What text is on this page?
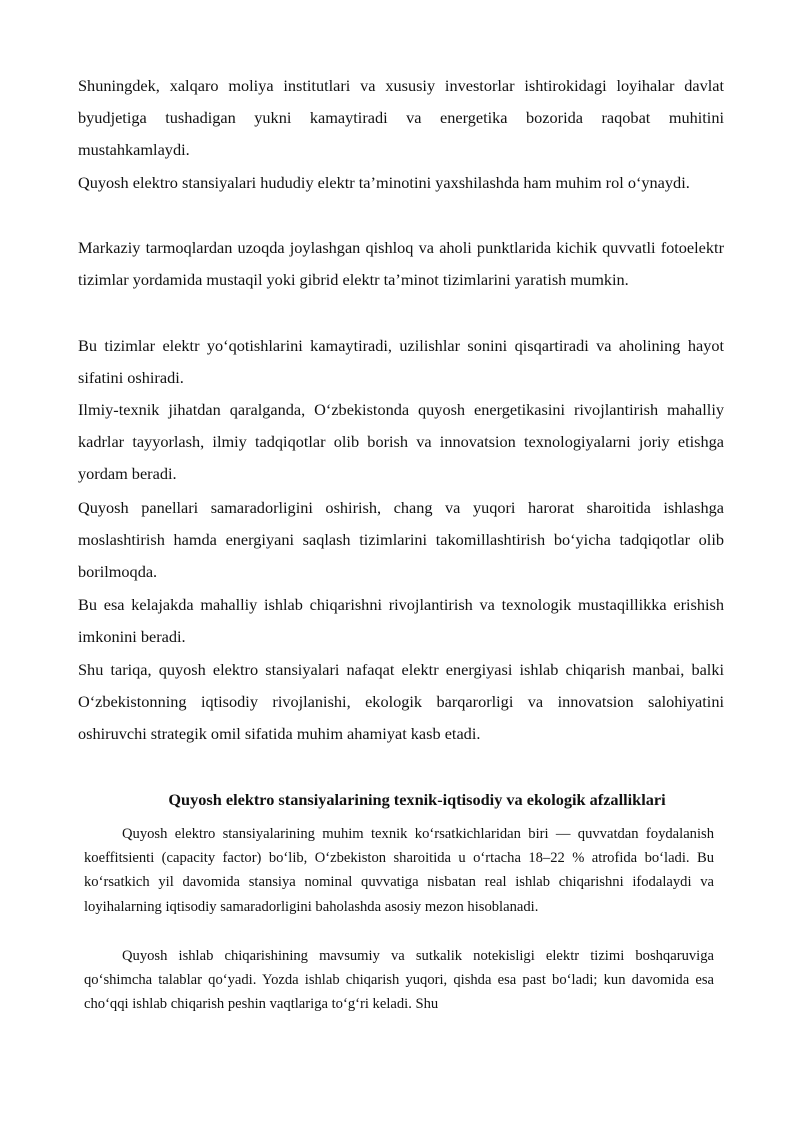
Shuningdek, xalqaro moliya institutlari va xususiy investorlar ishtirokidagi loyihalar davlat byudjetiga tushadigan yukni kamaytiradi va energetika bozorida raqobat muhitini mustahkamlaydi.

Quyosh elektro stansiyalari hududiy elektr ta’minotini yaxshilashda ham muhim rol o‘ynaydi.

Markaziy tarmoqlardan uzoqda joylashgan qishloq va aholi punktlarida kichik quvvatli fotoelektr tizimlar yordamida mustaqil yoki gibrid elektr ta’minot tizimlarini yaratish mumkin.

Bu tizimlar elektr yo‘qotishlarini kamaytiradi, uzilishlar sonini qisqartiradi va aholining hayot sifatini oshiradi.

Ilmiy-texnik jihatdan qaralganda, O‘zbekistonda quyosh energetikasini rivojlantirish mahalliy kadrlar tayyorlash, ilmiy tadqiqotlar olib borish va innovatsion texnologiyalarni joriy etishga yordam beradi.

Quyosh panellari samaradorligini oshirish, chang va yuqori harorat sharoitida ishlashga moslashtirish hamda energiyani saqlash tizimlarini takomillashtirish bo‘yicha tadqiqotlar olib borilmoqda.

Bu esa kelajakda mahalliy ishlab chiqarishni rivojlantirish va texnologik mustaqillikka erishish imkonini beradi.

Shu tariqa, quyosh elektro stansiyalari nafaqat elektr energiyasi ishlab chiqarish manbai, balki O‘zbekistonning iqtisodiy rivojlanishi, ekologik barqarorligi va innovatsion salohiyatini oshiruvchi strategik omil sifatida muhim ahamiyat kasb etadi.

Quyosh elektro stansiyalarining texnik-iqtisodiy va ekologik afzalliklari

Quyosh elektro stansiyalarining muhim texnik ko‘rsatkichlaridan biri — quvvatdan foydalanish koeffitsienti (capacity factor) bo‘lib, O‘zbekiston sharoitida u o‘rtacha 18–22 % atrofida bo‘ladi. Bu ko‘rsatkich yil davomida stansiya nominal quvvatiga nisbatan real ishlab chiqarishni ifodalaydi va loyihalarning iqtisodiy samaradorligini baholashda asosiy mezon hisoblanadi.

Quyosh ishlab chiqarishining mavsumiy va sutkalik notekisligi elektr tizimi boshqaruviga qo‘shimcha talablar qo‘yadi. Yozda ishlab chiqarish yuqori, qishda esa past bo‘ladi; kun davomida esa cho‘qqi ishlab chiqarish peshin vaqtlariga to‘g‘ri keladi. Shu
